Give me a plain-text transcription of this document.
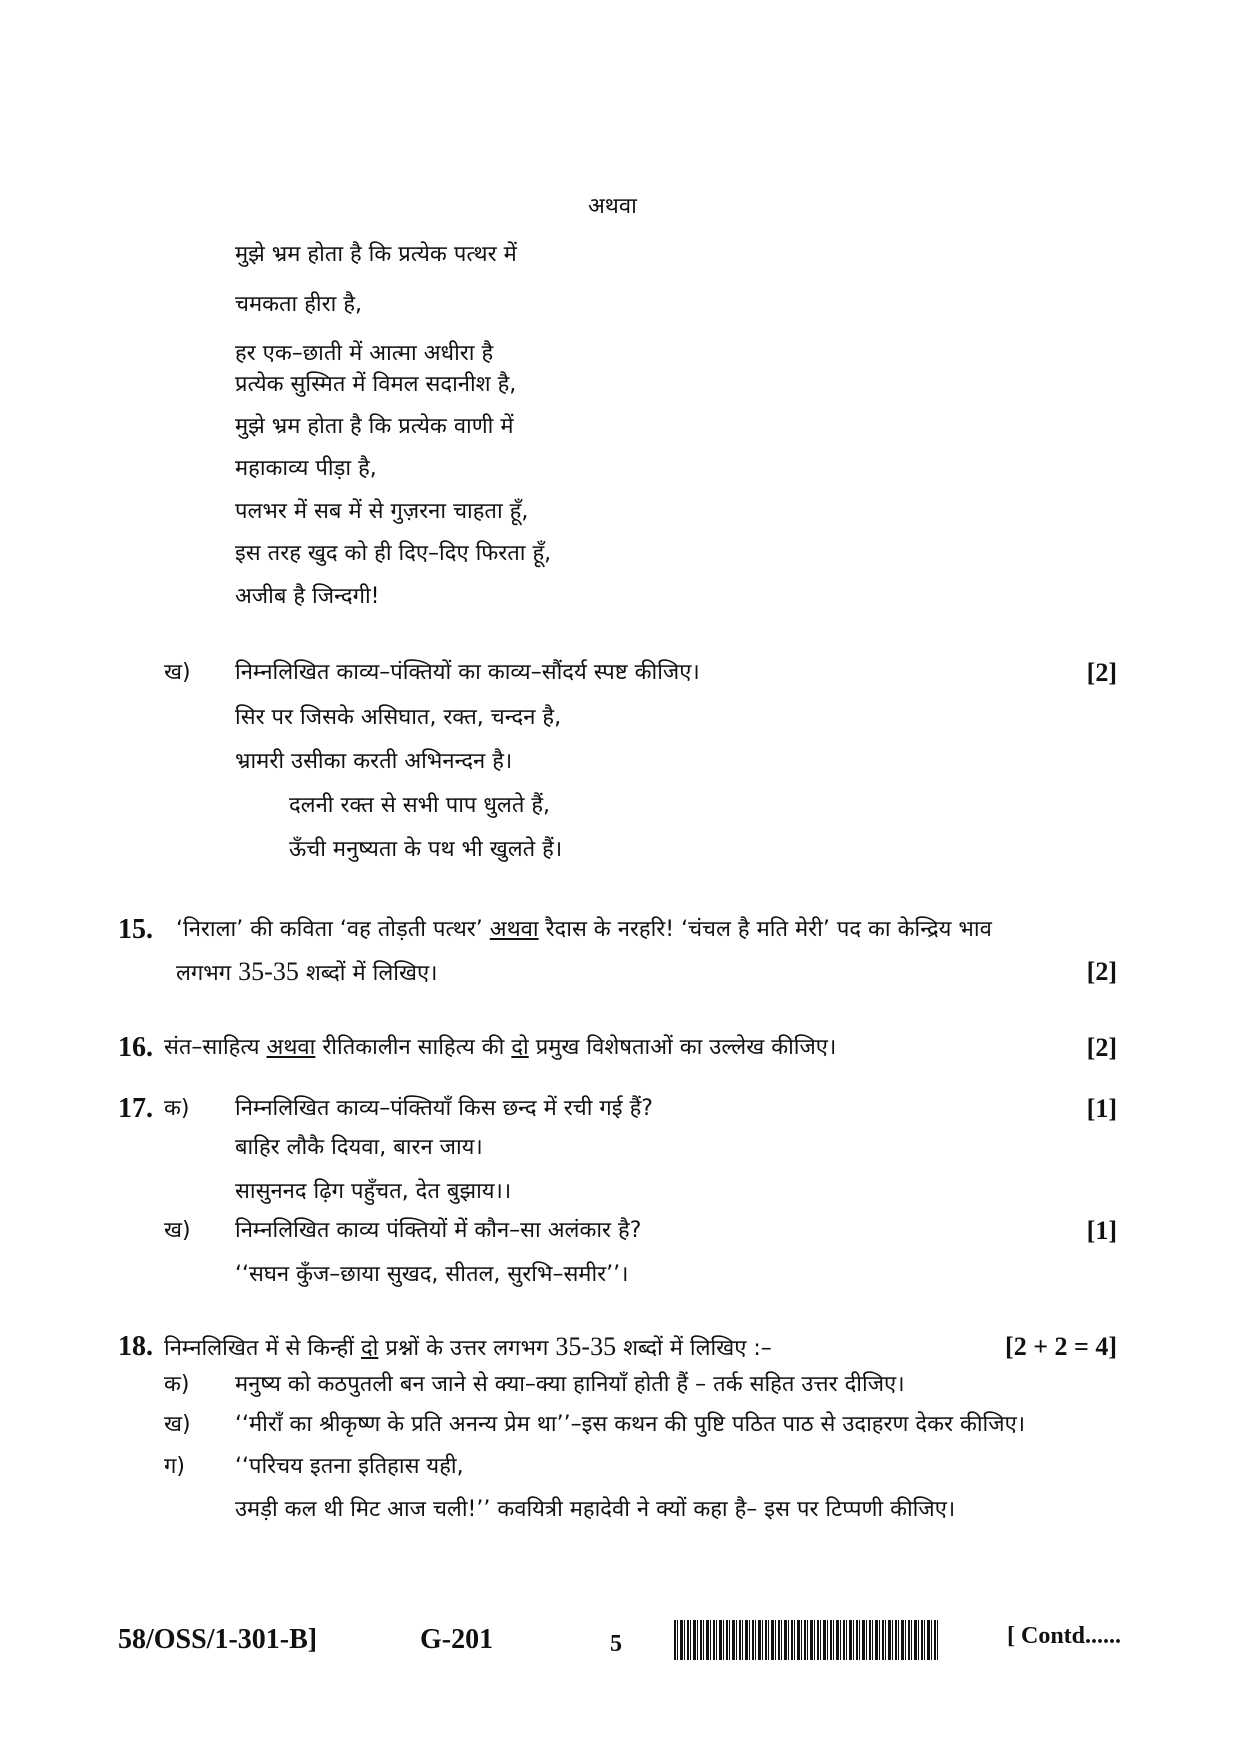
अथवा
मुझे भ्रम होता है कि प्रत्येक पत्थर में
चमकता हीरा है,
हर एक–छाती में आत्मा अधीरा है
प्रत्येक सुस्मित में विमल सदानीश है,
मुझे भ्रम होता है कि प्रत्येक वाणी में
महाकाव्य पीड़ा है,
पलभर में सब में से गुज़रना चाहता हूँ,
इस तरह खुद को ही दिए–दिए फिरता हूँ,
अजीब है जिन्दगी!
ख) निम्नलिखित काव्य–पंक्तियों का काव्य–सौंदर्य स्पष्ट कीजिए।	[2]
सिर पर जिसके असिघात, रक्त, चन्दन है,
भ्रामरी उसीका करती अभिनन्दन है।
दलनी रक्त से सभी पाप धुलते हैं,
ऊँची मनुष्यता के पथ भी खुलते हैं।
15. ‘निराला’ की कविता ‘वह तोड़ती पत्थर’ अथवा रैदास के नरहरि! ‘चंचल है मति मेरी’ पद का केन्द्रिय भाव
लगभग 35-35 शब्दों में लिखिए।	[2]
16. संत–साहित्य अथवा रीतिकालीन साहित्य की दो प्रमुख विशेषताओं का उल्लेख कीजिए।	[2]
17. क) निम्नलिखित काव्य–पंक्तियाँ किस छन्द में रची गई हैं?	[1]
बाहिर लौकै दियवा, बारन जाय।
सासुननद ढ़िग पहुँचत, देत बुझाय।।
ख) निम्नलिखित काव्य पंक्तियों में कौन–सा अलंकार है?	[1]
‘‘सघन कुँज–छाया सुखद, सीतल, सुरभि–समीर’’।
18. निम्नलिखित में से किन्हीं दो प्रश्नों के उत्तर लगभग 35-35 शब्दों में लिखिए :–	[2 + 2 = 4]
क) मनुष्य को कठपुतली बन जाने से क्या–क्या हानियाँ होती हैं – तर्क सहित उत्तर दीजिए।
ख) ‘‘मीराँ का श्रीकृष्ण के प्रति अनन्य प्रेम था’’–इस कथन की पुष्टि पठित पाठ से उदाहरण देकर कीजिए।
ग) ‘‘परिचय इतना इतिहास यही,
उमड़ी कल थी मिट आज चली!’’ कवयित्री महादेवी ने क्यों कहा है– इस पर टिप्पणी कीजिए।
58/OSS/1-301-B]	G-201	5	[ Contd......
